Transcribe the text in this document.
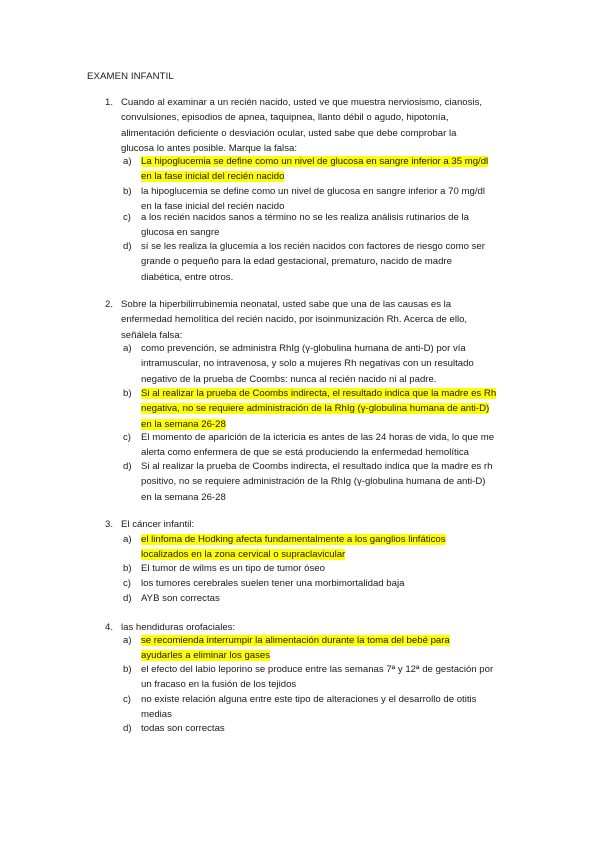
EXAMEN INFANTIL
1. Cuando al examinar a un recién nacido, usted ve que muestra nerviosismo, cianosis,

convulsiones, episodios de apnea, taquipnea, llanto débil o agudo, hipotonía,

alimentación deficiente o desviación ocular, usted sabe que debe comprobar la

glucosa lo antes posible. Marque la falsa:

a) La hipoglucemia se define como un nivel de glucosa en sangre inferior a 35 mg/dl

en la fase inicial del recién nacido

b) la hipoglucemia se define como un nivel de glucosa en sangre inferior a 70 mg/dl

en la fase inicial del recién nacido

c) a los recién nacidos sanos a término no se les realiza análisis rutinarios de la

glucosa en sangre

d) sí se les realiza la glucemia a los recién nacidos con factores de riesgo como ser

grande o pequeño para la edad gestacional, prematuro, nacido de madre

diabética, entre otros.

2. Sobre la hiperbilirrubinemia neonatal, usted sabe que una de las causas es la

enfermedad hemolítica del recién nacido, por isoinmunización Rh. Acerca de ello,

señálela falsa:

a) como prevención, se administra RhIg (γ-globulina humana de anti-D) por vía

intramuscular, no intravenosa, y solo a mujeres Rh negativas con un resultado

negativo de la prueba de Coombs: nunca al recién nacido ni al padre.

b) Si al realizar la prueba de Coombs indirecta, el resultado indica que la madre es Rh

negativa, no se requiere administración de la RhIg (γ-globulina humana de anti-D)

en la semana 26-28

c) El momento de aparición de la ictericia es antes de las 24 horas de vida, lo que me

alerta como enfermera de que se está produciendo la enfermedad hemolítica

d) Si al realizar la prueba de Coombs indirecta, el resultado indica que la madre es rh

positivo, no se requiere administración de la RhIg (γ-globulina humana de anti-D)

en la semana 26-28

3. El cáncer infantil:

a) el linfoma de Hodking afecta fundamentalmente a los ganglios linfáticos

localizados en la zona cervical o supraclavicular

b) El tumor de wilms es un tipo de tumor óseo

c) los tumores cerebrales suelen tener una morbimortalidad baja

d) AYB son correctas

4. las hendiduras orofaciales:

a) se recomienda interrumpir la alimentación durante la toma del bebé para

ayudarles a eliminar los gases

b) el efecto del labio leporino se produce entre las semanas 7ª y 12ª de gestación por

un fracaso en la fusión de los tejidos

c) no existe relación alguna entre este tipo de alteraciones y el desarrollo de otitis

medias

d) todas son correctas
